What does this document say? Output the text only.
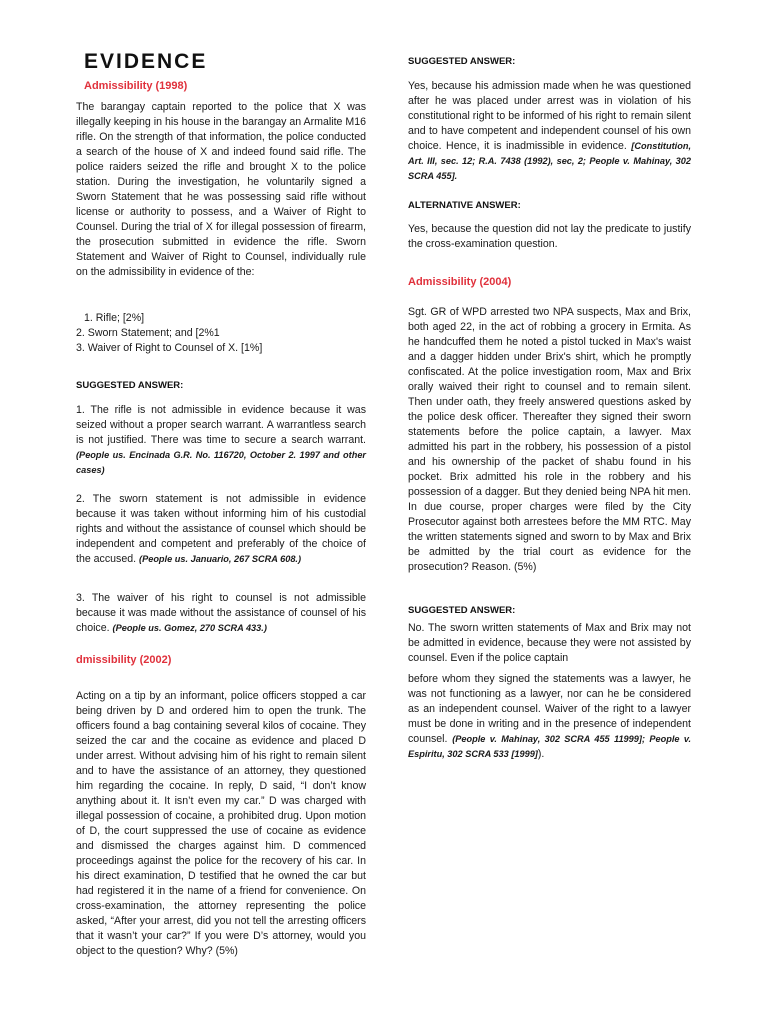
EVIDENCE
Admissibility (1998)

The barangay captain reported to the police that X was illegally keeping in his house in the barangay an Armalite M16 rifle. On the strength of that information, the police conducted a search of the house of X and indeed found said rifle. The police raiders seized the rifle and brought X to the police station. During the investigation, he voluntarily signed a Sworn Statement that he was possessing said rifle without license or authority to possess, and a Waiver of Right to Counsel. During the trial of X for illegal possession of firearm, the prosecution submitted in evidence the rifle. Sworn Statement and Waiver of Right to Counsel, individually rule on the admissibility in evidence of the:

1. Rifle; [2%]
2. Sworn Statement; and [2%1
3. Waiver of Right to Counsel of X. [1%]
SUGGESTED ANSWER:

1. The rifle is not admissible in evidence because it was seized without a proper search warrant. A warrantless search is not justified. There was time to secure a search warrant. (People us. Encinada G.R. No. 116720, October 2. 1997 and other cases)

2. The sworn statement is not admissible in evidence because it was taken without informing him of his custodial rights and without the assistance of counsel which should be independent and competent and preferably of the choice of the accused. (People us. Januario, 267 SCRA 608.)

3. The waiver of his right to counsel is not admissible because it was made without the assistance of counsel of his choice. (People us. Gomez, 270 SCRA 433.)

dmissibility (2002)

Acting on a tip by an informant, police officers stopped a car being driven by D and ordered him to open the trunk. The officers found a bag containing several kilos of cocaine. They seized the car and the cocaine as evidence and placed D under arrest. Without advising him of his right to remain silent and to have the assistance of an attorney, they questioned him regarding the cocaine. In reply, D said, “I don’t know anything about it. It isn’t even my car.” D was charged with illegal possession of cocaine, a prohibited drug. Upon motion of D, the court suppressed the use of cocaine as evidence and dismissed the charges against him. D commenced proceedings against the police for the recovery of his car. In his direct examination, D testified that he owned the car but had registered it in the name of a friend for convenience. On cross-examination, the attorney representing the police asked, “After your arrest, did you not tell the arresting officers that it wasn’t your car?” If you were D’s attorney, would you object to the question? Why? (5%)

SUGGESTED ANSWER:

Yes, because his admission made when he was questioned after he was placed under arrest was in violation of his constitutional right to be informed of his right to remain silent and to have competent and independent counsel of his own choice. Hence, it is inadmissible in evidence. [Constitution, Art. III, sec. 12; R.A. 7438 (1992), sec, 2; People v. Mahinay, 302 SCRA 455].

ALTERNATIVE ANSWER:

Yes, because the question did not lay the predicate to justify the cross-examination question.

Admissibility (2004)

Sgt. GR of WPD arrested two NPA suspects, Max and Brix, both aged 22, in the act of robbing a grocery in Ermita. As he handcuffed them he noted a pistol tucked in Max's waist and a dagger hidden under Brix's shirt, which he promptly confiscated. At the police investigation room, Max and Brix orally waived their right to counsel and to remain silent. Then under oath, they freely answered questions asked by the police desk officer. Thereafter they signed their sworn statements before the police captain, a lawyer. Max admitted his part in the robbery, his possession of a pistol and his ownership of the packet of shabu found in his pocket. Brix admitted his role in the robbery and his possession of a dagger. But they denied being NPA hit men. In due course, proper charges were filed by the City Prosecutor against both arrestees before the MM RTC. May the written statements signed and sworn to by Max and Brix be admitted by the trial court as evidence for the prosecution? Reason. (5%)

SUGGESTED ANSWER:

No. The sworn written statements of Max and Brix may not be admitted in evidence, because they were not assisted by counsel. Even if the police captain

before whom they signed the statements was a lawyer, he was not functioning as a lawyer, nor can he be considered as an independent counsel. Waiver of the right to a lawyer must be done in writing and in the presence of independent counsel. (People v. Mahinay, 302 SCRA 455 11999]; People v. Espiritu, 302 SCRA 533 [1999]).
